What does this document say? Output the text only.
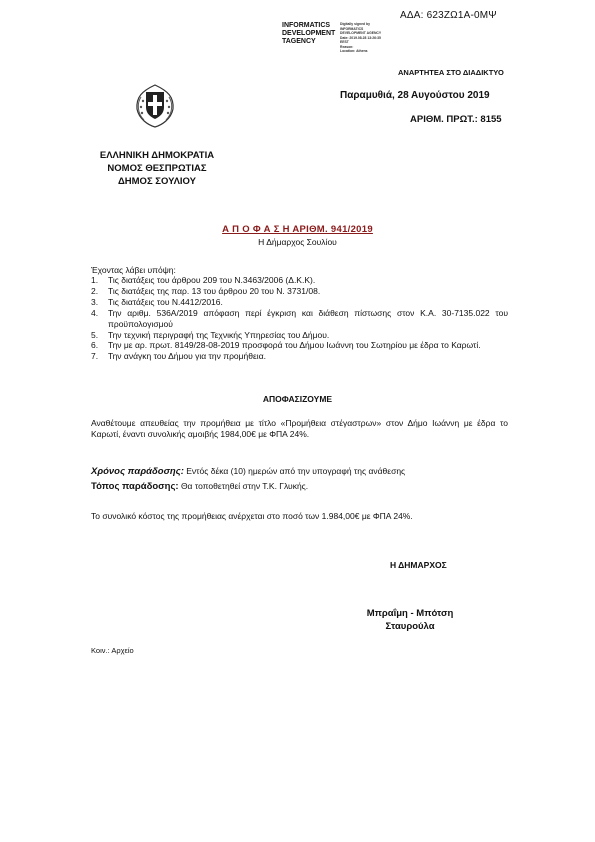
ΑΔΑ: 623ΖΩ1Α-0ΜΨ
INFORMATICS
DEVELOPMENT
TAGENCY
Digitally signed by
INFORMATICS
DEVELOPMENT AGENCY
Date: 2019.08.28 13:26:35
EEST
Reason:
Location: Athens
ΑΝΑΡΤΗΤΕΑ ΣΤΟ ΔΙΑΔΙΚΤΥΟ
Παραμυθιά, 28 Αυγούστου 2019
ΑΡΙΘΜ. ΠΡΩΤ.: 8155
ΕΛΛΗΝΙΚΗ ΔΗΜΟΚΡΑΤΙΑ
ΝΟΜΟΣ ΘΕΣΠΡΩΤΙΑΣ
ΔΗΜΟΣ ΣΟΥΛΙΟΥ
Α Π Ο Φ Α Σ Η ΑΡΙΘΜ. 941/2019
Η Δήμαρχος Σουλίου
Έχοντας λάβει υπόψη:
1.	Τις διατάξεις του άρθρου 209 του Ν.3463/2006 (Δ.Κ.Κ).
2.	Τις διατάξεις της παρ. 13 του άρθρου 20 του Ν. 3731/08.
3.	Τις διατάξεις του Ν.4412/2016.
4.	Την αριθμ. 536Α/2019 απόφαση περί έγκριση και διάθεση πίστωσης στον Κ.Α. 30-7135.022 του προϋπολογισμού
5.	Την τεχνική περιγραφή της Τεχνικής Υπηρεσίας του Δήμου.
6.	Την με αρ. πρωτ. 8149/28-08-2019 προσφορά του Δήμου Ιωάννη του Σωτηρίου με έδρα το Καρωτί.
7.	Την ανάγκη του Δήμου για την προμήθεια.
ΑΠΟΦΑΣΙΖΟΥΜΕ
Αναθέτουμε απευθείας την προμήθεια με τίτλο «Προμήθεια στέγαστρων» στον Δήμο Ιωάννη με έδρα το Καρωτί, έναντι συνολικής αμοιβής 1984,00€ με ΦΠΑ 24%.
Χρόνος παράδοσης: Εντός δέκα (10) ημερών από την υπογραφή της ανάθεσης
Τόπος παράδοσης: Θα τοποθετηθεί στην Τ.Κ. Γλυκής.
Το συνολικό κόστος της προμήθειας ανέρχεται στο ποσό των 1.984,00€ με ΦΠΑ 24%.
Η ΔΗΜΑΡΧΟΣ
Μπραΐμη - Μπότση
Σταυρούλα
Κοιν.: Αρχείο
